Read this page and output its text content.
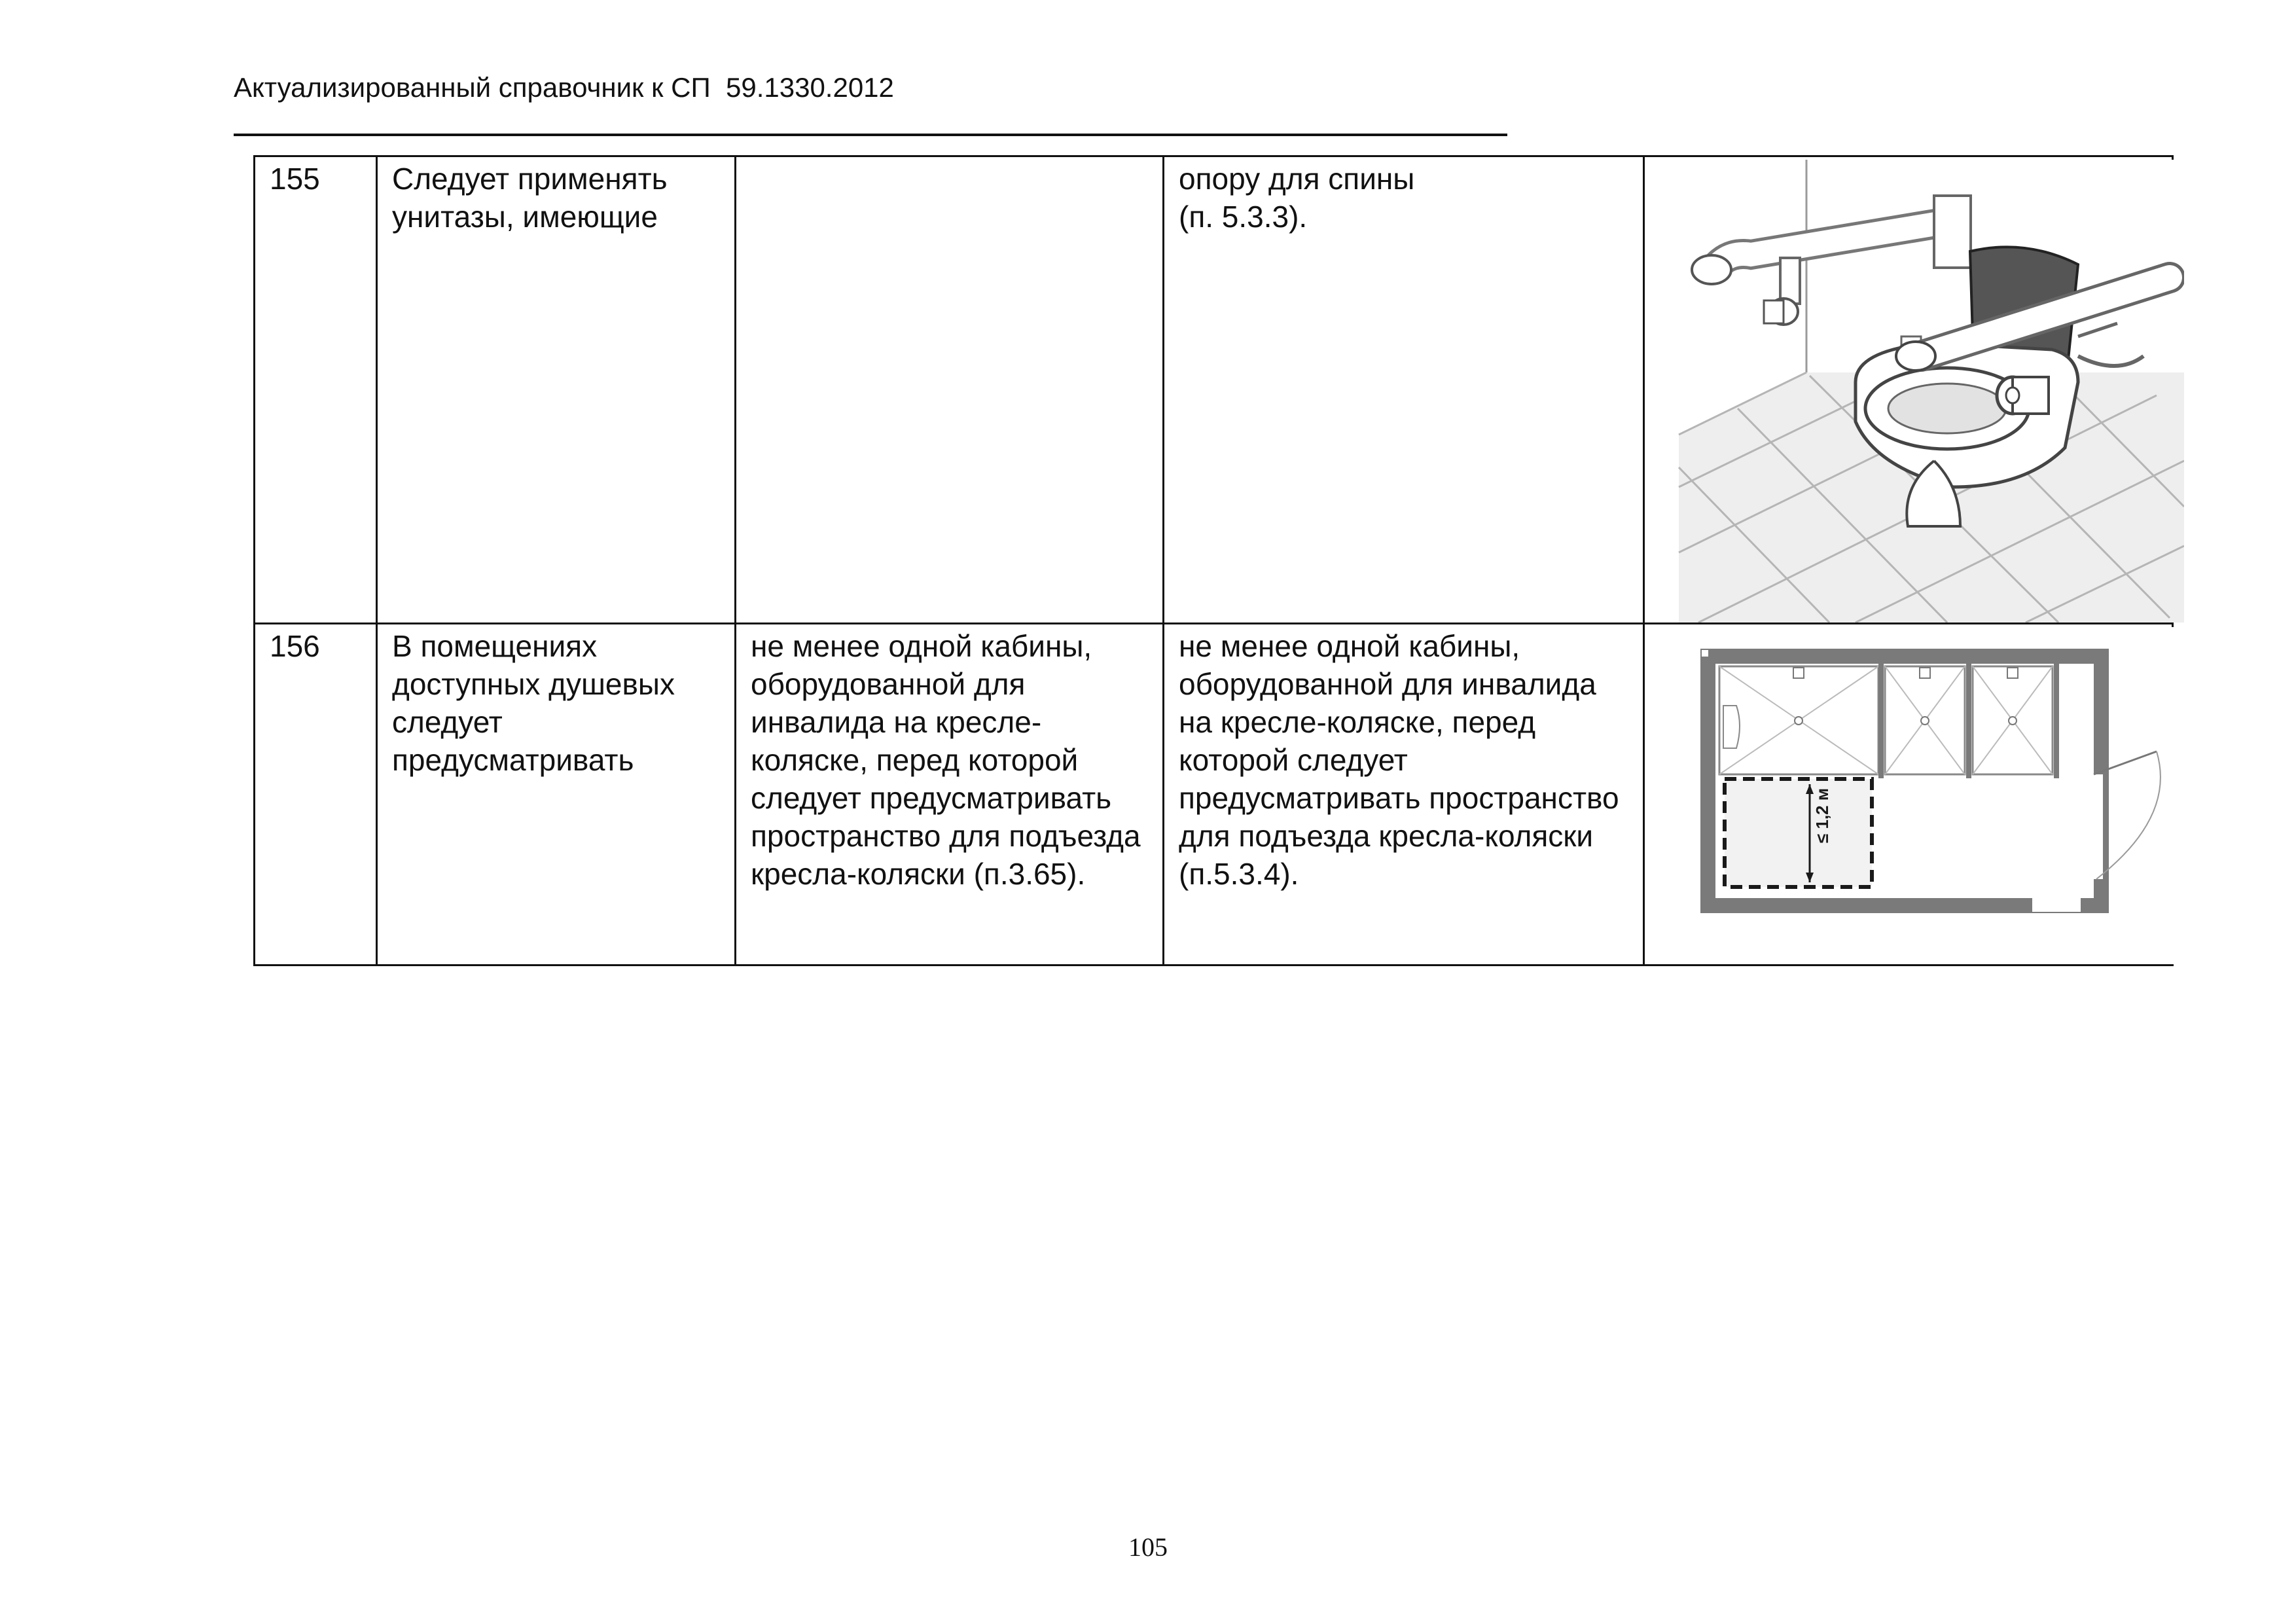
Актуализированный справочник к СП  59.1330.2012
155	Следует применять унитазы, имеющие		опору для спины
(п. 5.3.3).	

156	В помещениях доступных душевых следует предусматривать	не менее одной кабины, оборудованной для инвалида на кресле-коляске, перед которой следует предусматривать пространство для подъезда кресла-коляски (п.3.65).	не менее одной кабины, оборудованной для инвалида на кресле-коляске, перед которой следует предусматривать пространство для подъезда кресла-коляски (п.5.3.4).	≤ 1,2 м
105
